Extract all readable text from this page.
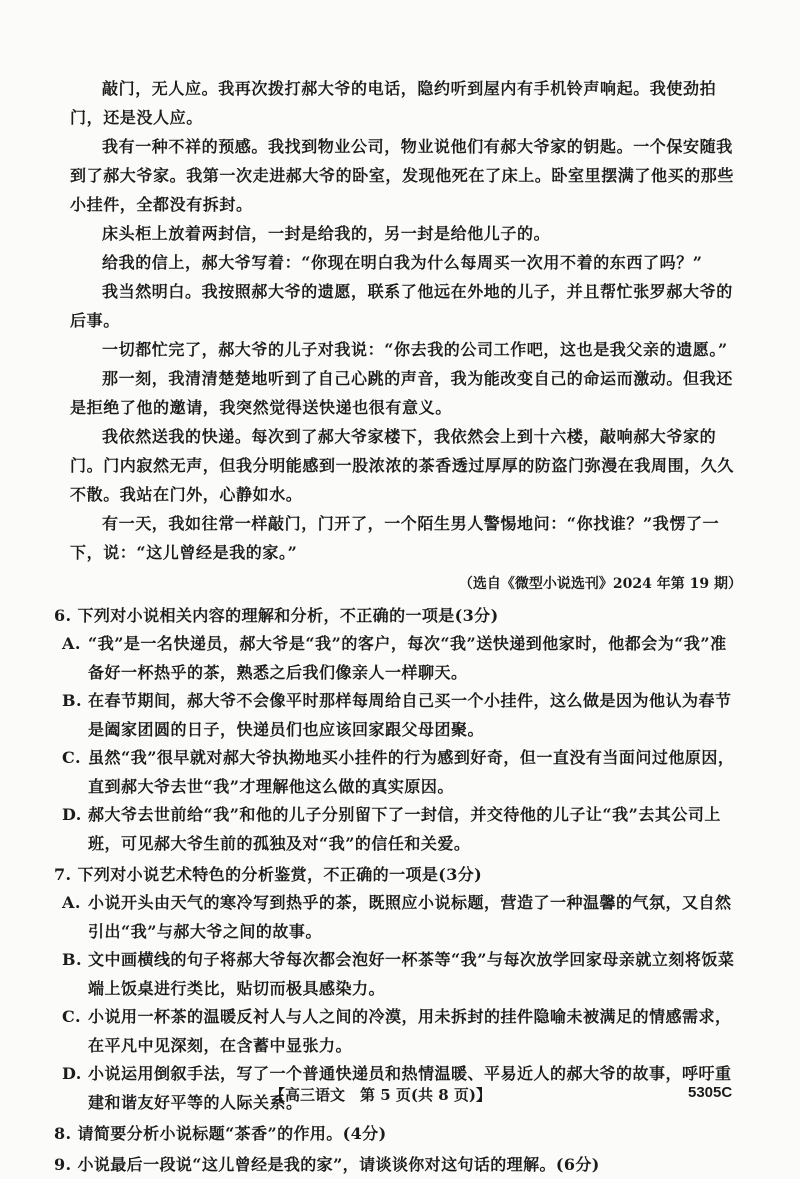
敲门，无人应。我再次拨打郝大爷的电话，隐约听到屋内有手机铃声响起。我使劲拍门，还是没人应。

我有一种不祥的预感。我找到物业公司，物业说他们有郝大爷家的钥匙。一个保安随我到了郝大爷家。我第一次走进郝大爷的卧室，发现他死在了床上。卧室里摆满了他买的那些小挂件，全都没有拆封。

床头柜上放着两封信，一封是给我的，另一封是给他儿子的。

给我的信上，郝大爷写着：“你现在明白我为什么每周买一次用不着的东西了吗？”

我当然明白。我按照郝大爷的遗愿，联系了他远在外地的儿子，并且帮忙张罗郝大爷的后事。

一切都忙完了，郝大爷的儿子对我说：“你去我的公司工作吧，这也是我父亲的遗愿。”

那一刻，我清清楚楚地听到了自己心跳的声音，我为能改变自己的命运而激动。但我还是拒绝了他的邀请，我突然觉得送快递也很有意义。

我依然送我的快递。每次到了郝大爷家楼下，我依然会上到十六楼，敲响郝大爷家的门。门内寂然无声，但我分明能感到一股浓浓的茶香透过厚厚的防盗门弥漫在我周围，久久不散。我站在门外，心静如水。

有一天，我如往常一样敲门，门开了，一个陌生男人警惕地问：“你找谁？”我愣了一下，说：“这儿曾经是我的家。”

（选自《微型小说选刊》2024 年第 19 期）

6. 下列对小说相关内容的理解和分析，不正确的一项是(3分)

A. “我”是一名快递员，郝大爷是“我”的客户，每次“我”送快递到他家时，他都会为“我”准备好一杯热乎的茶，熟悉之后我们像亲人一样聊天。

B. 在春节期间，郝大爷不会像平时那样每周给自己买一个小挂件，这么做是因为他认为春节是阖家团圆的日子，快递员们也应该回家跟父母团聚。

C. 虽然“我”很早就对郝大爷执拗地买小挂件的行为感到好奇，但一直没有当面问过他原因，直到郝大爷去世“我”才理解他这么做的真实原因。

D. 郝大爷去世前给“我”和他的儿子分别留下了一封信，并交待他的儿子让“我”去其公司上班，可见郝大爷生前的孤独及对“我”的信任和关爱。

7. 下列对小说艺术特色的分析鉴赏，不正确的一项是(3分)

A. 小说开头由天气的寒冷写到热乎的茶，既照应小说标题，营造了一种温馨的气氛，又自然引出“我”与郝大爷之间的故事。

B. 文中画横线的句子将郝大爷每次都会泡好一杯茶等“我”与每次放学回家母亲就立刻将饭菜端上饭桌进行类比，贴切而极具感染力。

C. 小说用一杯茶的温暖反衬人与人之间的冷漠，用未拆封的挂件隐喻未被满足的情感需求，在平凡中见深刻，在含蓄中显张力。

D. 小说运用倒叙手法，写了一个普通快递员和热情温暖、平易近人的郝大爷的故事，呼吁重建和谐友好平等的人际关系。

8. 请简要分析小说标题“茶香”的作用。(4分)

9. 小说最后一段说“这儿曾经是我的家”，请谈谈你对这句话的理解。(6分)

【高三语文　第 5 页(共 8 页)】	5305C
